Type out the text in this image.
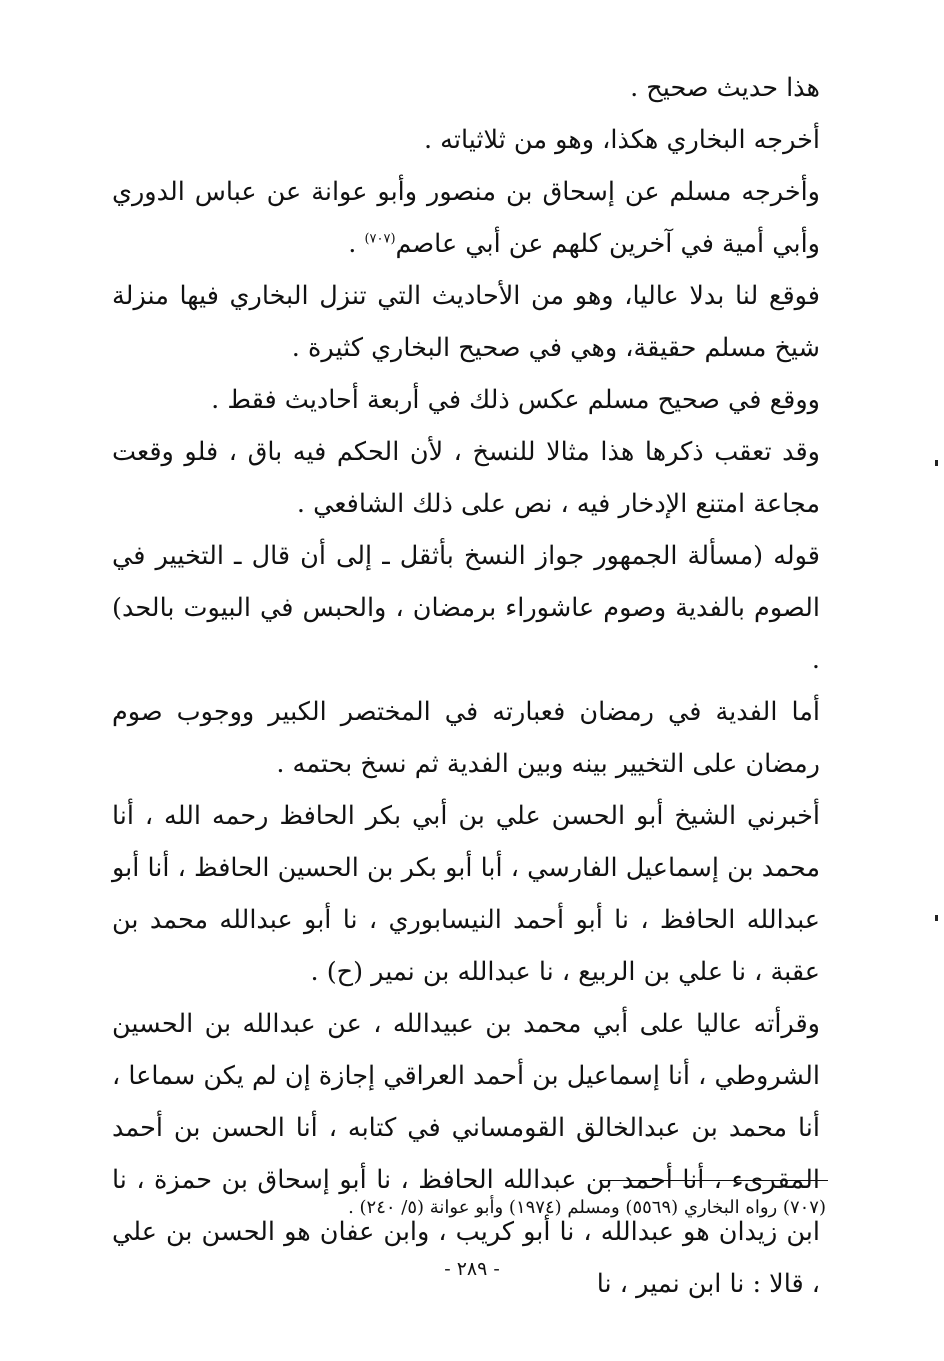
هذا حديث صحيح .

أخرجه البخاري هكذا، وهو من ثلاثياته .

وأخرجه مسلم عن إسحاق بن منصور وأبو عوانة عن عباس الدوري وأبي أمية في آخرين كلهم عن أبي عاصم$^{(٧٠٧)}$ .

فوقع لنا بدلا عاليا، وهو من الأحاديث التي تنزل البخاري فيها منزلة شيخ مسلم حقيقة، وهي في صحيح البخاري كثيرة .

ووقع في صحيح مسلم عكس ذلك في أربعة أحاديث فقط .

وقد تعقب ذكرها هذا مثالا للنسخ ، لأن الحكم فيه باق ، فلو وقعت مجاعة امتنع الإدخار فيه ، نص على ذلك الشافعي .

قوله (مسألة الجمهور جواز النسخ بأثقل ـ إلى أن قال ـ التخيير في الصوم بالفدية وصوم عاشوراء برمضان ، والحبس في البيوت بالحد) .

أما الفدية في رمضان فعبارته في المختصر الكبير ووجوب صوم رمضان على التخيير بينه وبين الفدية ثم نسخ بحتمه .

أخبرني الشيخ أبو الحسن علي بن أبي بكر الحافظ رحمه الله ، أنا محمد بن إسماعيل الفارسي ، أبا أبو بكر بن الحسين الحافظ ، أنا أبو عبدالله الحافظ ، نا أبو أحمد النيسابوري ، نا أبو عبدالله محمد بن عقبة ، نا علي بن الربيع ، نا عبدالله بن نمير (ح) .

وقرأته عاليا على أبي محمد بن عبيدالله ، عن عبدالله بن الحسين الشروطي ، أنا إسماعيل بن أحمد العراقي إجازة إن لم يكن سماعا ، أنا محمد بن عبدالخالق القومساني في كتابه ، أنا الحسن بن أحمد المقرىء ، أنا أحمد بن عبدالله الحافظ ، نا أبو إسحاق بن حمزة ، نا ابن زيدان هو عبدالله ، نا أبو كريب ، وابن عفان هو الحسن بن علي ، قالا : نا ابن نمير ، نا

(٧٠٧) رواه البخاري (٥٥٦٩) ومسلم (١٩٧٤) وأبو عوانة (٥/ ٢٤٠) .
- ٢٨٩ -
